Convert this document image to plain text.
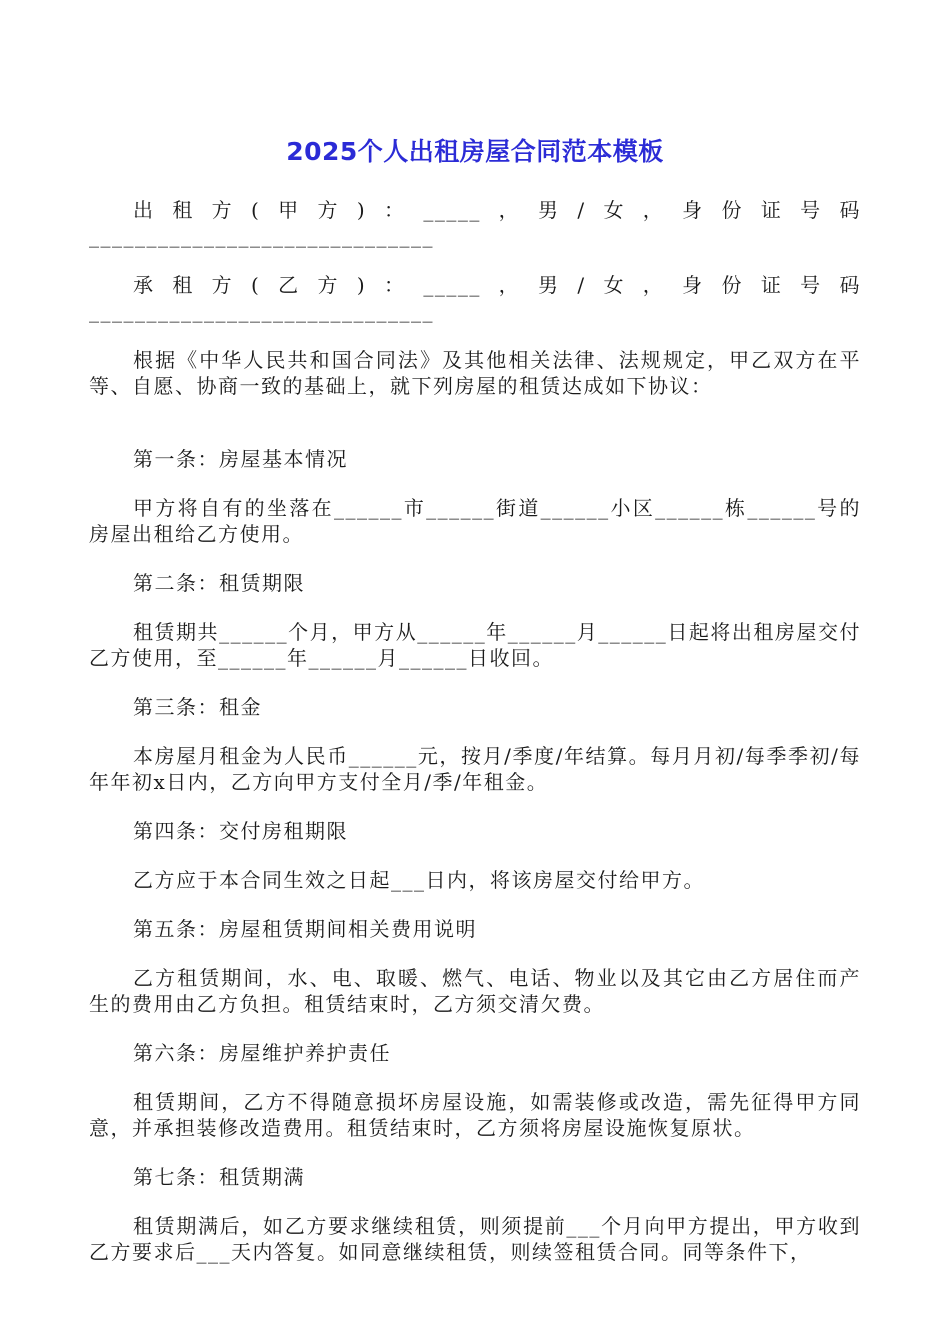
2025个人出租房屋合同范本模板

出租方(甲方)：_____，男/女，身份证号码______________________________

承租方(乙方)：_____，男/女，身份证号码______________________________

根据《中华人民共和国合同法》及其他相关法律、法规规定，甲乙双方在平等、自愿、协商一致的基础上，就下列房屋的租赁达成如下协议：

第一条：房屋基本情况

甲方将自有的坐落在______市______街道______小区______栋______号的房屋出租给乙方使用。

第二条：租赁期限

租赁期共______个月，甲方从______年______月______日起将出租房屋交付乙方使用，至______年______月______日收回。

第三条：租金

本房屋月租金为人民币______元，按月/季度/年结算。每月月初/每季季初/每年年初x日内，乙方向甲方支付全月/季/年租金。

第四条：交付房租期限

乙方应于本合同生效之日起___日内，将该房屋交付给甲方。

第五条：房屋租赁期间相关费用说明

乙方租赁期间，水、电、取暖、燃气、电话、物业以及其它由乙方居住而产生的费用由乙方负担。租赁结束时，乙方须交清欠费。

第六条：房屋维护养护责任

租赁期间，乙方不得随意损坏房屋设施，如需装修或改造，需先征得甲方同意，并承担装修改造费用。租赁结束时，乙方须将房屋设施恢复原状。

第七条：租赁期满

租赁期满后，如乙方要求继续租赁，则须提前___个月向甲方提出，甲方收到乙方要求后___天内答复。如同意继续租赁，则续签租赁合同。同等条件下，
